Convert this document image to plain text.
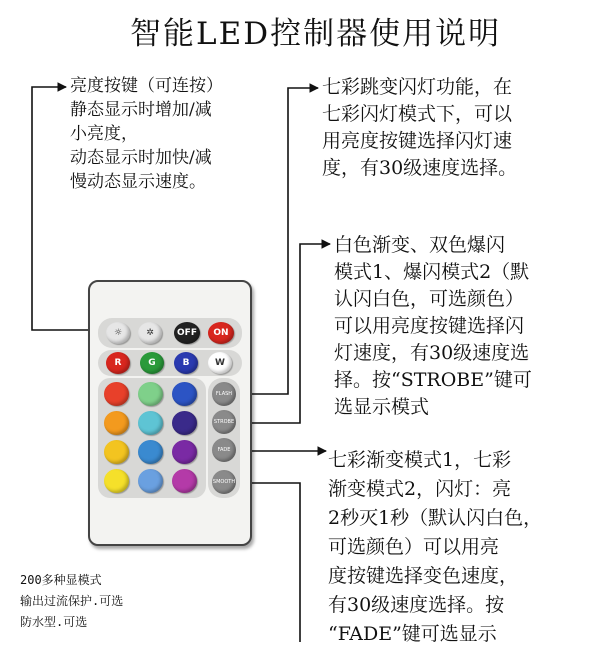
智能LED控制器使用说明
亮度按键（可连按）
静态显示时增加/减
小亮度，
动态显示时加快/减
慢动态显示速度。
七彩跳变闪灯功能，在
七彩闪灯模式下，可以
用亮度按键选择闪灯速
度，有30级速度选择。
白色渐变、双色爆闪
模式1、爆闪模式2（默
认闪白色，可选颜色）
可以用亮度按键选择闪
灯速度，有30级速度选
择。按“STROBE”键可
选显示模式
七彩渐变模式1，七彩
渐变模式2，闪灯：亮
2秒灭1秒（默认闪白色，
可选颜色）可以用亮
度按键选择变色速度，
有30级速度选择。按
“FADE”键可选显示
200多种显模式
输出过流保护.可选
防水型.可选
☼	✲	OFF	ON
R	G	B	W
FLASH
STROBE
FADE
SMOOTH
